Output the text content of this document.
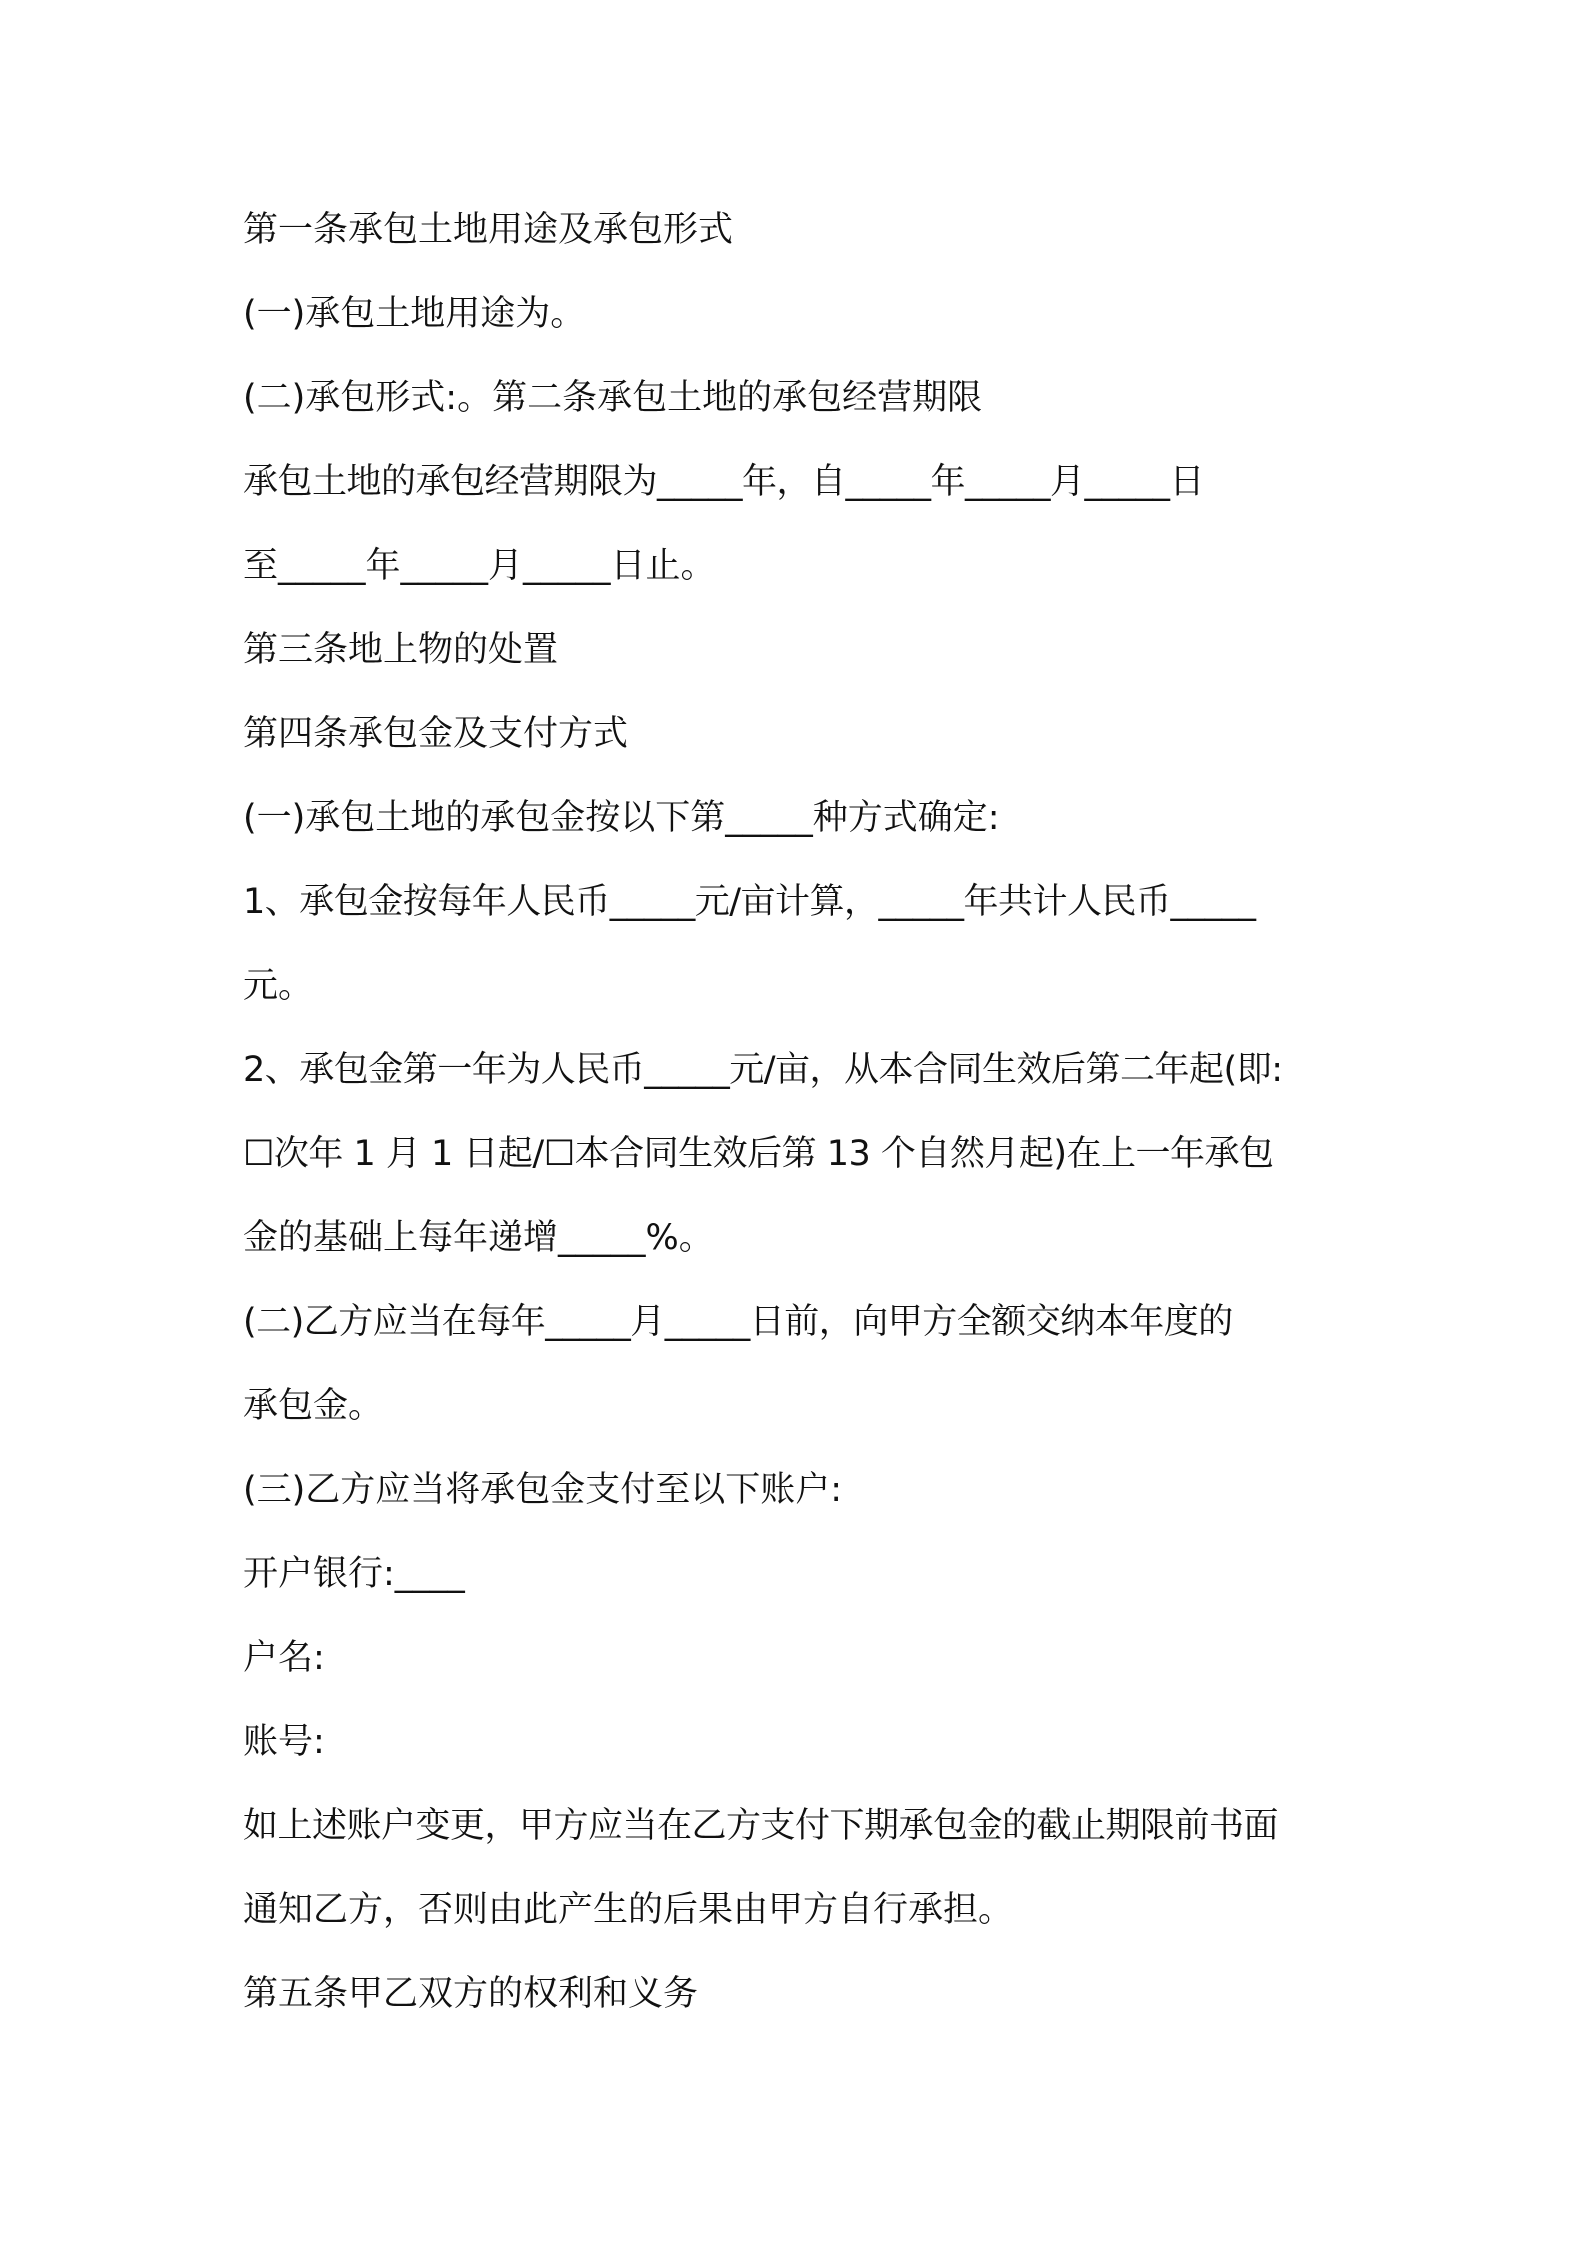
第一条承包土地用途及承包形式
(一)承包土地用途为。
(二)承包形式:。第二条承包土地的承包经营期限
承包土地的承包经营期限为_____年，自_____年_____月_____日
至_____年_____月_____日止。
第三条地上物的处置
第四条承包金及支付方式
(一)承包土地的承包金按以下第_____种方式确定:
1、承包金按每年人民币_____元/亩计算，_____年共计人民币_____
元。
2、承包金第一年为人民币_____元/亩，从本合同生效后第二年起(即:
☐次年 1 月 1 日起/☐本合同生效后第 13 个自然月起)在上一年承包
金的基础上每年递增_____%。
(二)乙方应当在每年_____月_____日前，向甲方全额交纳本年度的
承包金。
(三)乙方应当将承包金支付至以下账户:
开户银行:____
户名:
账号:
如上述账户变更，甲方应当在乙方支付下期承包金的截止期限前书面
通知乙方，否则由此产生的后果由甲方自行承担。
第五条甲乙双方的权利和义务
